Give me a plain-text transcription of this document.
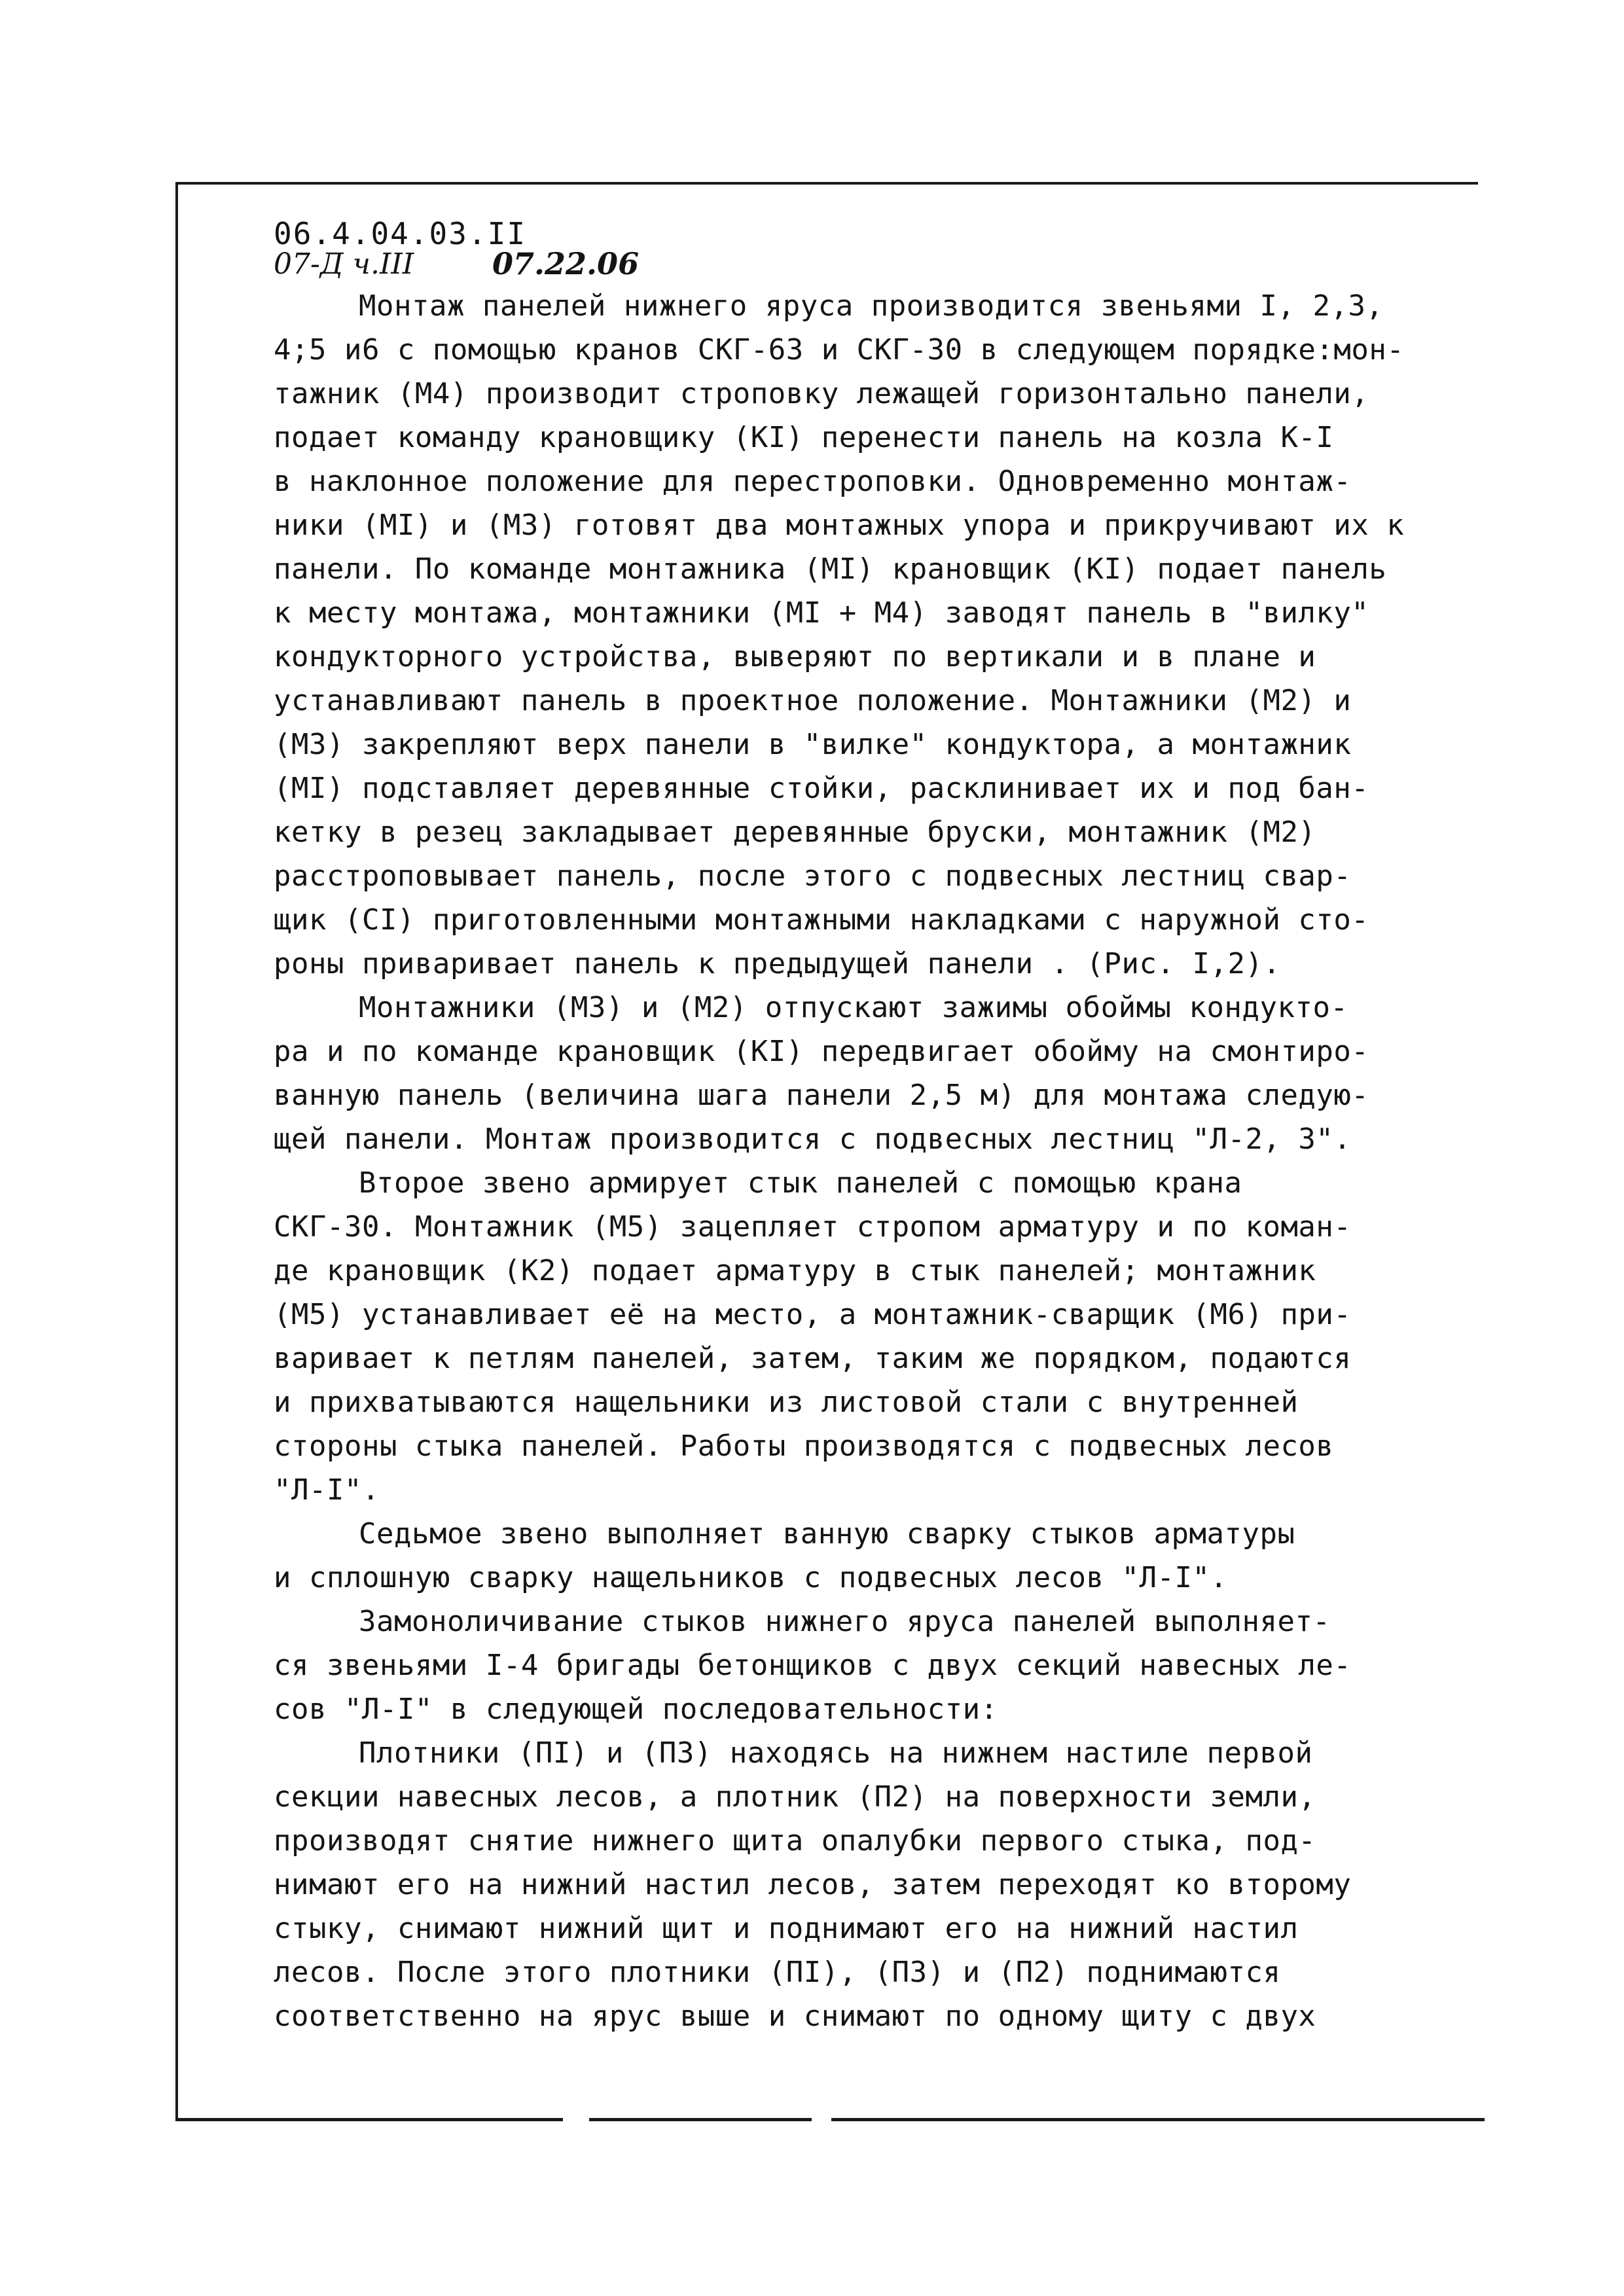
06.4.04.03.II
07-Д ч.III	07.22.06
Монтаж панелей нижнего яруса производится звеньями I, 2,3,
4;5 и6 с помощью кранов СКГ-63 и СКГ-30 в следующем порядке:мон-
тажник (М4) производит строповку лежащей горизонтально панели,
подает команду крановщику (КI) перенести панель на козла К-I
в наклонное положение для перестроповки. Одновременно монтаж-
ники (МI) и (М3) готовят два монтажных упора и прикручивают их к
панели. По команде монтажника (МI) крановщик (КI) подает панель
к месту монтажа, монтажники (МI + М4) заводят панель в "вилку"
кондукторного устройства, выверяют по вертикали и в плане и
устанавливают панель в проектное положение. Монтажники (М2) и
(М3) закрепляют верх панели в "вилке" кондуктора, а монтажник
(МI) подставляет деревянные стойки, расклинивает их и под бан-
кетку в резец закладывает деревянные бруски, монтажник (М2)
расстроповывает панель, после этого с подвесных лестниц свар-
щик (СI) приготовленными монтажными накладками с наружной сто-
роны приваривает панель к предыдущей панели . (Рис. I,2).
Монтажники (М3) и (М2) отпускают зажимы обоймы кондукто-
ра и по команде крановщик (КI) передвигает обойму на смонтиро-
ванную панель (величина шага панели 2,5 м) для монтажа следую-
щей панели. Монтаж производится с подвесных лестниц "Л-2, 3".
Второе звено армирует стык панелей с помощью крана
СКГ-30. Монтажник (М5) зацепляет стропом арматуру и по коман-
де крановщик (К2) подает арматуру в стык панелей; монтажник
(М5) устанавливает её на место, а монтажник-сварщик (М6) при-
варивает к петлям панелей, затем, таким же порядком, подаются
и прихватываются нащельники из листовой стали с внутренней
стороны стыка панелей. Работы производятся с подвесных лесов
"Л-I".
Седьмое звено выполняет ванную сварку стыков арматуры
и сплошную сварку нащельников с подвесных лесов "Л-I".
Замоноличивание стыков нижнего яруса панелей выполняет-
ся звеньями I-4 бригады бетонщиков с двух секций навесных ле-
сов "Л-I" в следующей последовательности:
Плотники (ПI) и (П3) находясь на нижнем настиле первой
секции навесных лесов, а плотник (П2) на поверхности земли,
производят снятие нижнего щита опалубки первого стыка, под-
нимают его на нижний настил лесов, затем переходят ко второму
стыку, снимают нижний щит и поднимают его на нижний настил
лесов. После этого плотники (ПI), (П3) и (П2) поднимаются
соответственно на ярус выше и снимают по одному щиту с двух
